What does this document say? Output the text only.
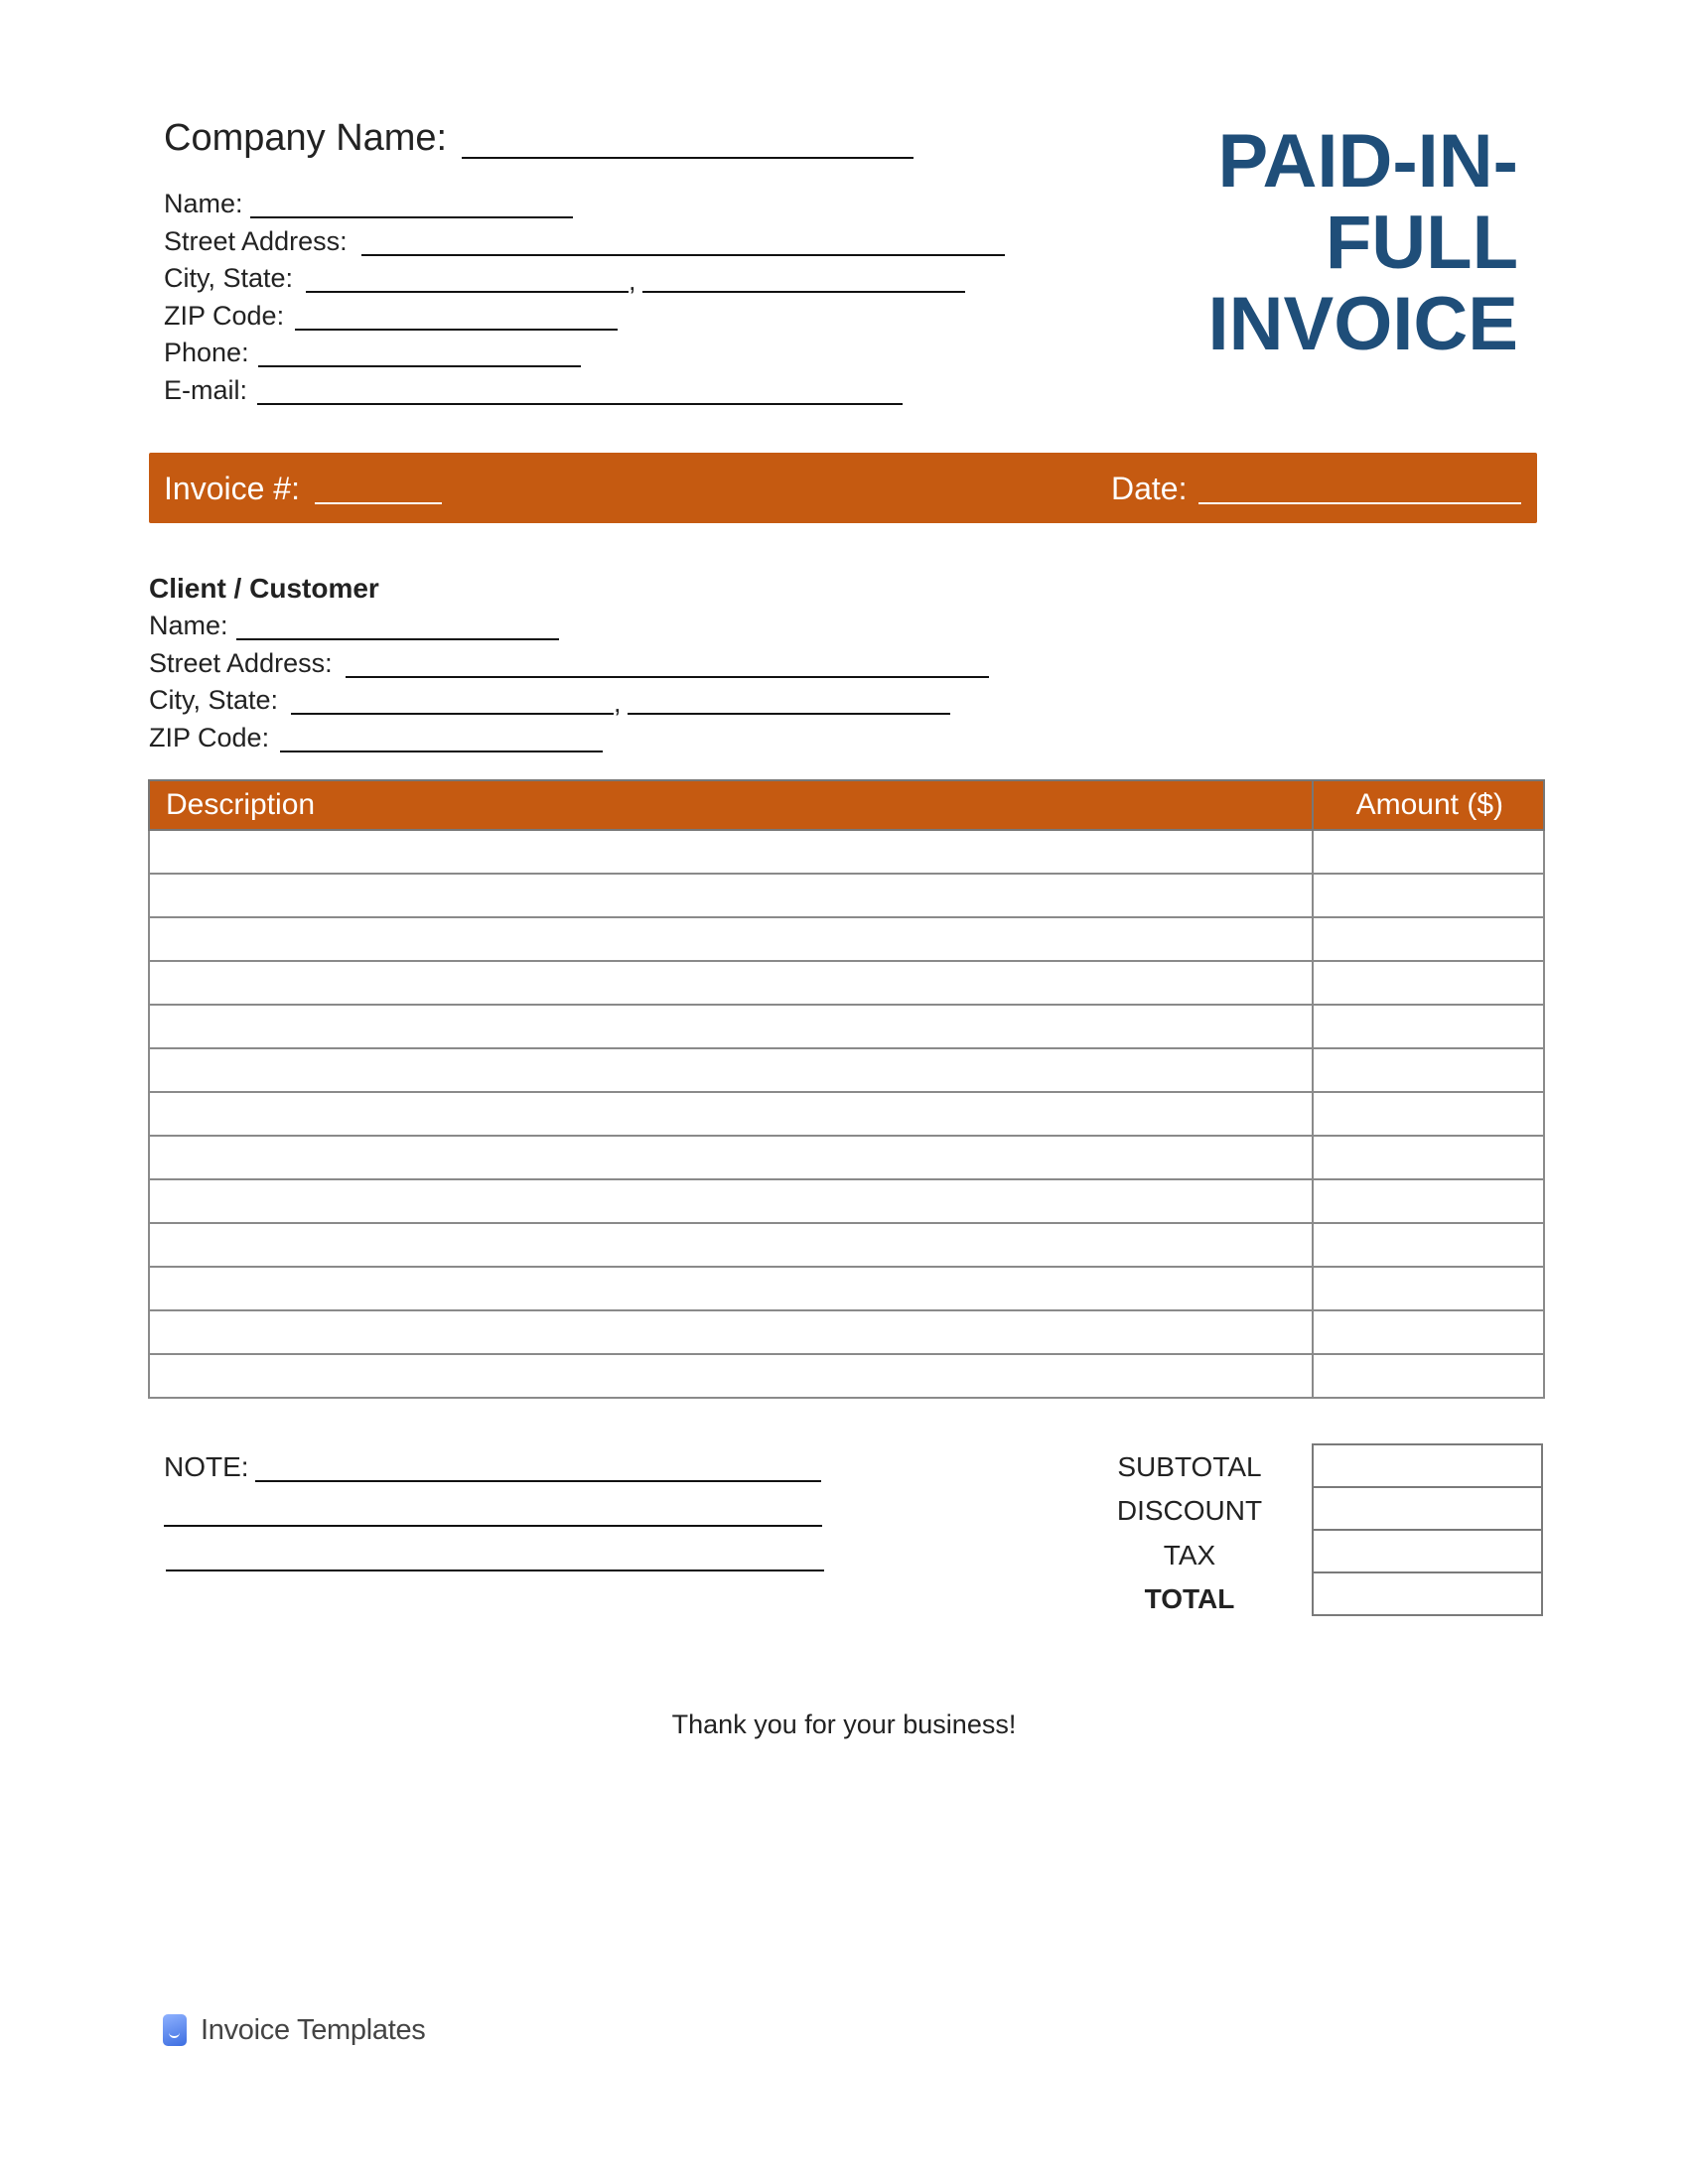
Company Name:
Name:
Street Address:
City, State:	,
ZIP Code:
Phone:
E-mail:
PAID-IN-
FULL
INVOICE
Invoice #:	Date:
Client / Customer
Name:
Street Address:
City, State:	,
ZIP Code:
Description	Amount ($)

NOTE:	SUBTOTAL
DISCOUNT
TAX
TOTAL

Thank you for your business!
Invoice Templates
